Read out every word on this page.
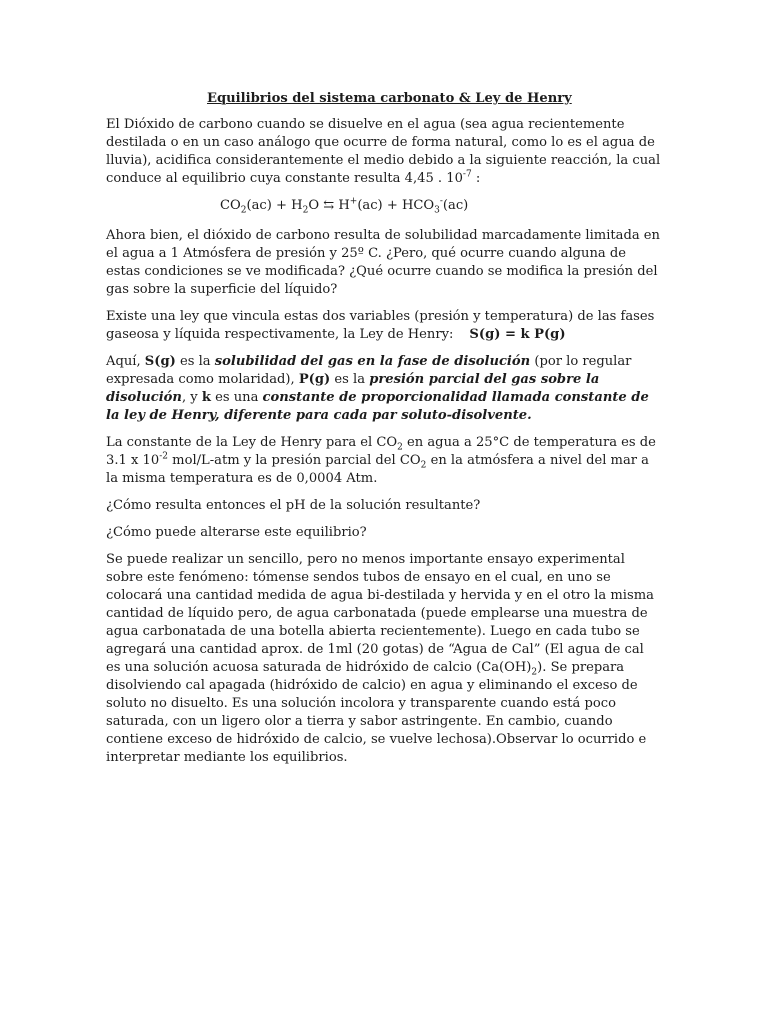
Equilibrios del sistema carbonato & Ley de Henry

El Dióxido de carbono cuando se disuelve en el agua (sea agua recientemente destilada o en un caso análogo que ocurre de forma natural, como lo es el agua de lluvia), acidifica considerantemente el medio debido a la siguiente reacción, la cual conduce al equilibrio cuya constante resulta 4,45 . $10^{-7}$ :

$CO_2(ac) + H_2O$ ⇆ $H^+(ac) + HCO_3^-(ac)$

Ahora bien, el dióxido de carbono resulta de solubilidad marcadamente limitada en el agua a 1 Atmósfera de presión y 25º C. ¿Pero, qué ocurre cuando alguna de estas condiciones se ve modificada? ¿Qué ocurre cuando se modifica la presión del gas sobre la superficie del líquido?

Existe una ley que vincula estas dos variables (presión y temperatura) de las fases gaseosa y líquida respectivamente, la Ley de Henry: S(g) = k P(g)

Aquí, S(g) es la solubilidad del gas en la fase de disolución (por lo regular expresada como molaridad), P(g) es la presión parcial del gas sobre la disolución, y k es una constante de proporcionalidad llamada constante de la ley de Henry, diferente para cada par soluto-disolvente.

La constante de la Ley de Henry para el $CO_2$ en agua a 25°C de temperatura es de 3.1 x $10^{-2}$ mol/L-atm y la presión parcial del $CO_2$ en la atmósfera a nivel del mar a la misma temperatura es de 0,0004 Atm.

¿Cómo resulta entonces el pH de la solución resultante?

¿Cómo puede alterarse este equilibrio?

Se puede realizar un sencillo, pero no menos importante ensayo experimental sobre este fenómeno: tómense sendos tubos de ensayo en el cual, en uno se colocará una cantidad medida de agua bi-destilada y hervida y en el otro la misma cantidad de líquido pero, de agua carbonatada (puede emplearse una muestra de agua carbonatada de una botella abierta recientemente). Luego en cada tubo se agregará una cantidad aprox. de 1ml (20 gotas) de “Agua de Cal” (El agua de cal es una solución acuosa saturada de hidróxido de calcio $(Ca(OH)_2)$. Se prepara disolviendo cal apagada (hidróxido de calcio) en agua y eliminando el exceso de soluto no disuelto. Es una solución incolora y transparente cuando está poco saturada, con un ligero olor a tierra y sabor astringente. En cambio, cuando contiene exceso de hidróxido de calcio, se vuelve lechosa).Observar lo ocurrido e interpretar mediante los equilibrios.
